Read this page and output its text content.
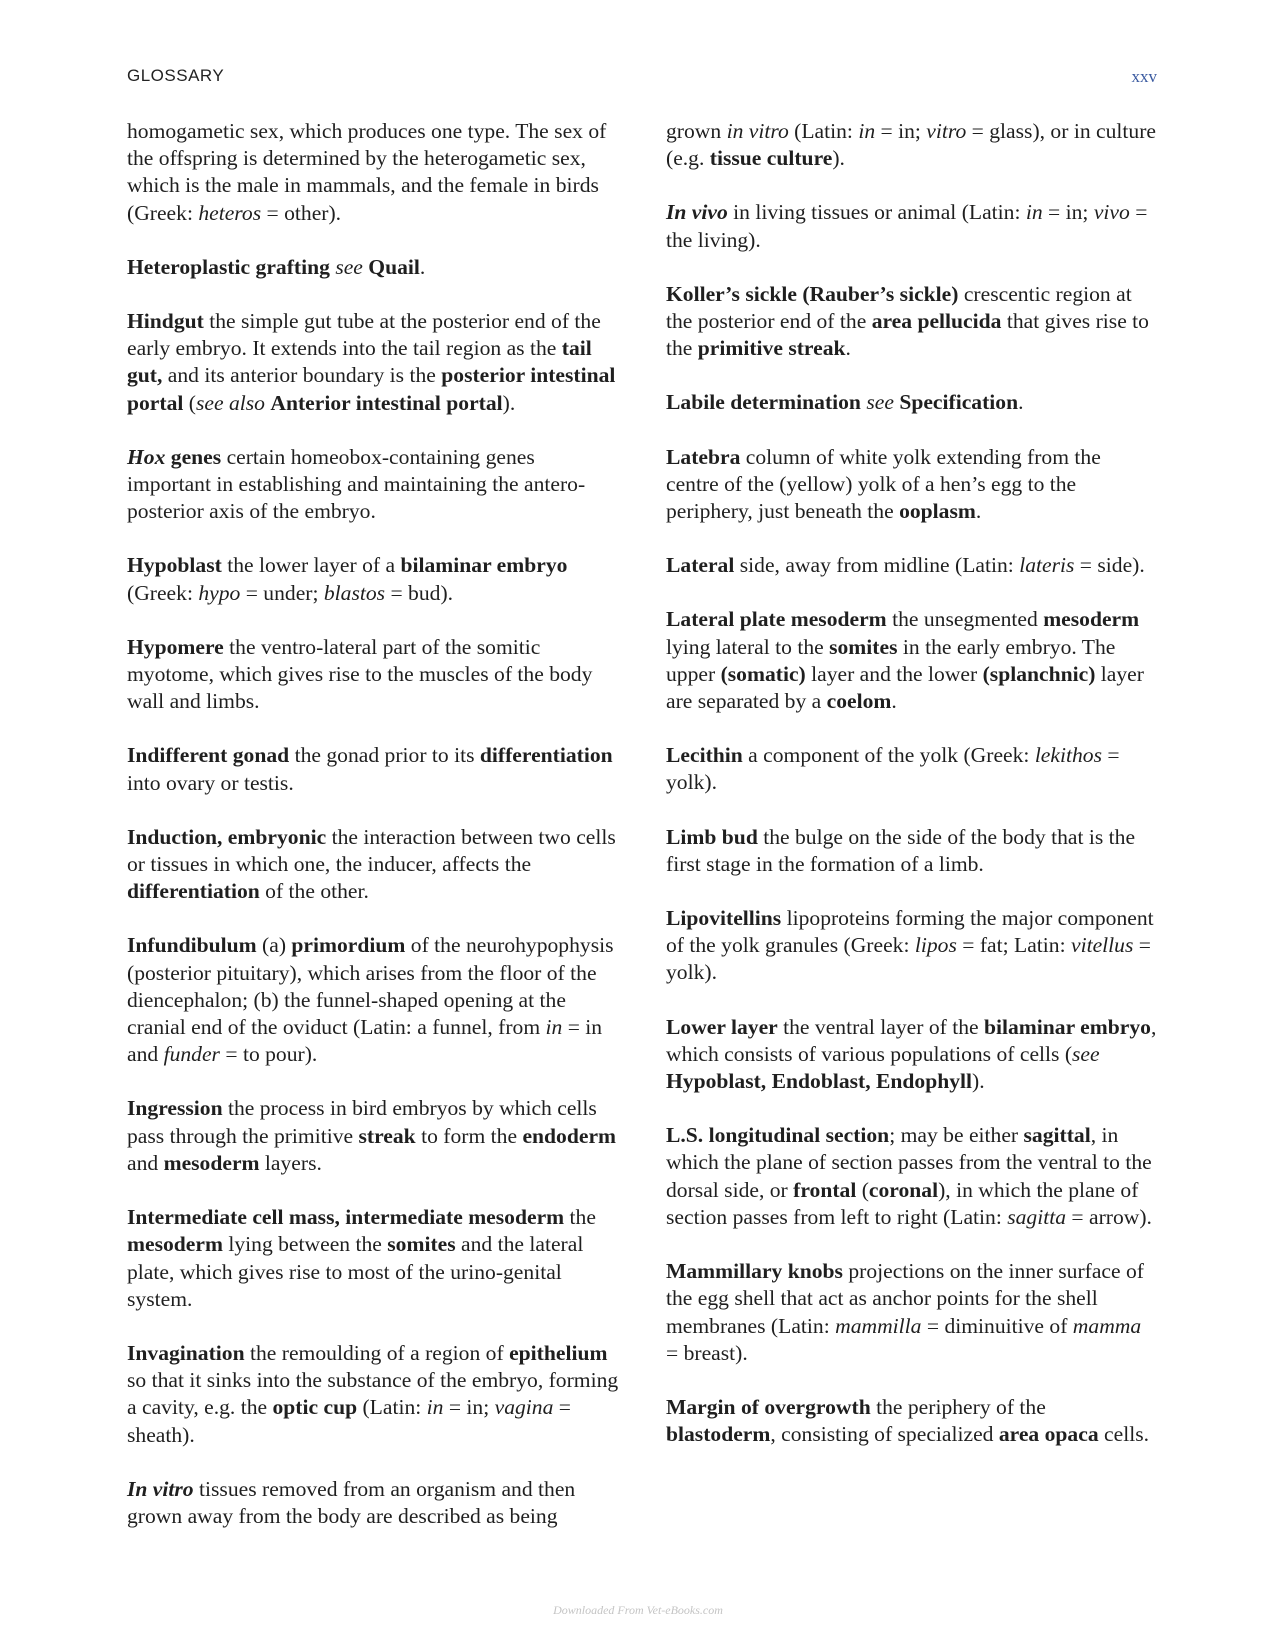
GLOSSARY	xxv

homogametic sex, which produces one type. The sex of the offspring is determined by the heterogametic sex, which is the male in mammals, and the female in birds (Greek: heteros = other).

Heteroplastic grafting see Quail.

Hindgut the simple gut tube at the posterior end of the early embryo. It extends into the tail region as the tail gut, and its anterior boundary is the posterior intestinal portal (see also Anterior intestinal portal).

Hox genes certain homeobox-containing genes important in establishing and maintaining the antero-posterior axis of the embryo.

Hypoblast the lower layer of a bilaminar embryo (Greek: hypo = under; blastos = bud).

Hypomere the ventro-lateral part of the somitic myotome, which gives rise to the muscles of the body wall and limbs.

Indifferent gonad the gonad prior to its differentiation into ovary or testis.

Induction, embryonic the interaction between two cells or tissues in which one, the inducer, affects the differentiation of the other.

Infundibulum (a) primordium of the neurohypophysis (posterior pituitary), which arises from the floor of the diencephalon; (b) the funnel-shaped opening at the cranial end of the oviduct (Latin: a funnel, from in = in and funder = to pour).

Ingression the process in bird embryos by which cells pass through the primitive streak to form the endoderm and mesoderm layers.

Intermediate cell mass, intermediate mesoderm the mesoderm lying between the somites and the lateral plate, which gives rise to most of the urino-genital system.

Invagination the remoulding of a region of epithelium so that it sinks into the substance of the embryo, forming a cavity, e.g. the optic cup (Latin: in = in; vagina = sheath).

In vitro tissues removed from an organism and then grown away from the body are described as being

grown in vitro (Latin: in = in; vitro = glass), or in culture (e.g. tissue culture).

In vivo in living tissues or animal (Latin: in = in; vivo = the living).

Koller’s sickle (Rauber’s sickle) crescentic region at the posterior end of the area pellucida that gives rise to the primitive streak.

Labile determination see Specification.

Latebra column of white yolk extending from the centre of the (yellow) yolk of a hen’s egg to the periphery, just beneath the ooplasm.

Lateral side, away from midline (Latin: lateris = side).

Lateral plate mesoderm the unsegmented mesoderm lying lateral to the somites in the early embryo. The upper (somatic) layer and the lower (splanchnic) layer are separated by a coelom.

Lecithin a component of the yolk (Greek: lekithos = yolk).

Limb bud the bulge on the side of the body that is the first stage in the formation of a limb.

Lipovitellins lipoproteins forming the major component of the yolk granules (Greek: lipos = fat; Latin: vitellus = yolk).

Lower layer the ventral layer of the bilaminar embryo, which consists of various populations of cells (see Hypoblast, Endoblast, Endophyll).

L.S. longitudinal section; may be either sagittal, in which the plane of section passes from the ventral to the dorsal side, or frontal (coronal), in which the plane of section passes from left to right (Latin: sagitta = arrow).

Mammillary knobs projections on the inner surface of the egg shell that act as anchor points for the shell membranes (Latin: mammilla = diminuitive of mamma = breast).

Margin of overgrowth the periphery of the blastoderm, consisting of specialized area opaca cells.

Downloaded From Vet-eBooks.com
